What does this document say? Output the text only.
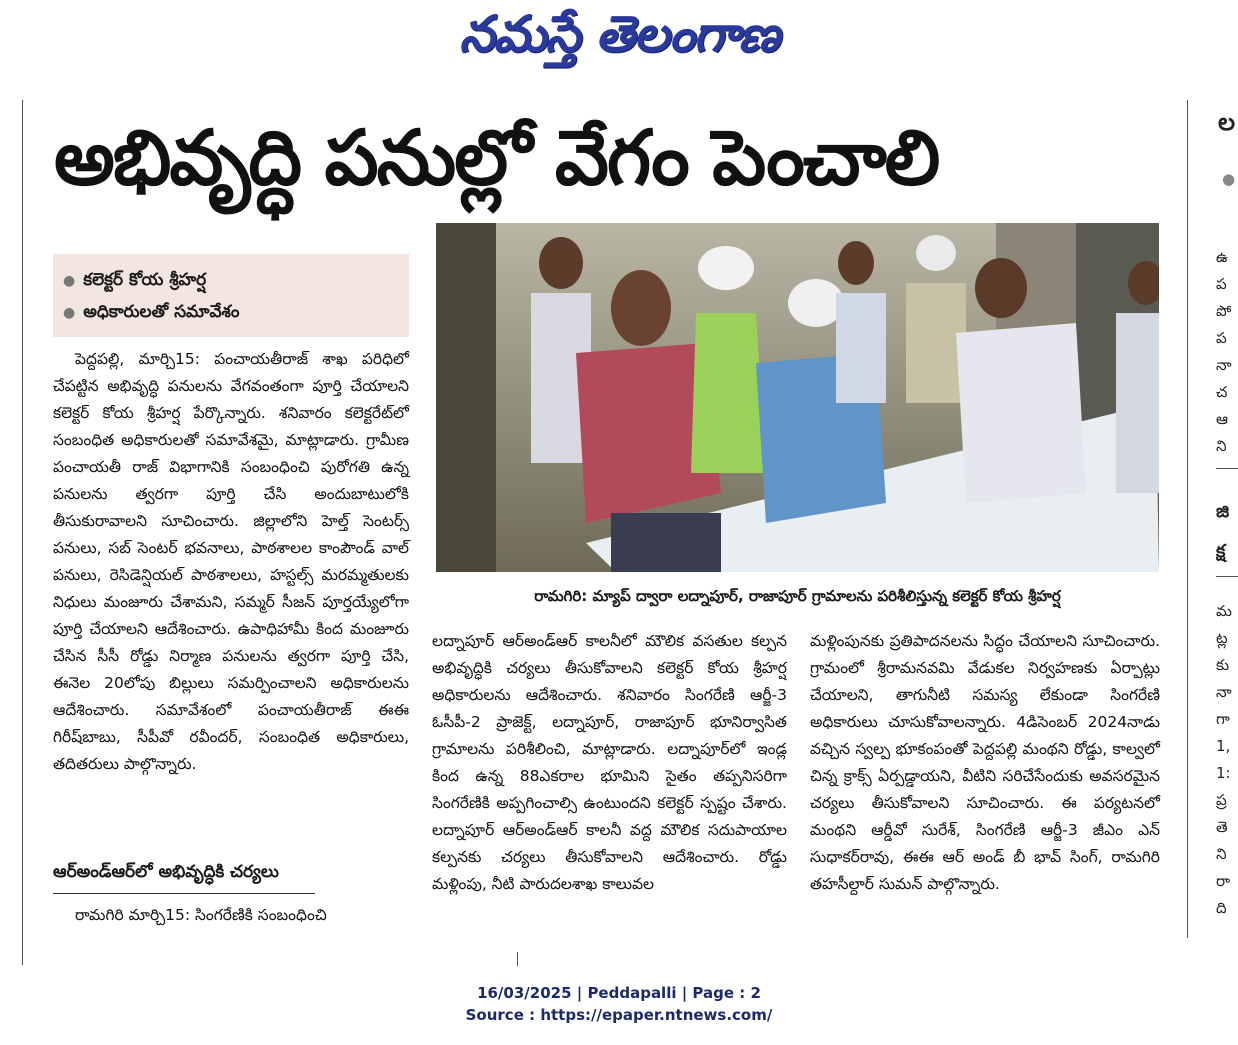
నమస్తే తెలంగాణ
అభివృద్ధి పనుల్లో వేగం పెంచాలి
● కలెక్టర్ కోయ శ్రీహర్ష
● అధికారులతో సమావేశం

పెద్దపల్లి, మార్చి15: పంచాయతీరాజ్ శాఖ పరిధిలో చేపట్టిన అభివృద్ధి పనులను వేగవంతంగా పూర్తి చేయాలని కలెక్టర్ కోయ శ్రీహర్ష పేర్కొన్నారు. శనివారం కలెక్టరేట్‌లో సంబంధిత అధికారులతో సమావేశమై, మాట్లాడారు. గ్రామీణ పంచాయతీ రాజ్ విభాగానికి సంబంధించి పురోగతి ఉన్న పనులను త్వరగా పూర్తి చేసి అందుబాటులోకి తీసుకురావాలని సూచించారు. జిల్లాలోని హెల్త్ సెంటర్స్ పనులు, సబ్ సెంటర్ భవనాలు, పాఠశాలల కాంపౌండ్ వాల్ పనులు, రెసిడెన్షియల్ పాఠశాలలు, హస్టల్స్ మరమ్మతులకు నిధులు మంజూరు చేశామని, సమ్మర్ సీజన్ పూర్తయ్యేలోగా పూర్తి చేయాలని ఆదేశించారు. ఉపాధిహామీ కింద మంజూరు చేసిన సీసీ రోడ్డు నిర్మాణ పనులను త్వరగా పూర్తి చేసి, ఈనెల 20లోపు బిల్లులు సమర్పించాలని అధికారులను ఆదేశించారు. సమావేశంలో పంచాయతీరాజ్ ఈఈ గిరీష్‌బాబు, సీపీవో రవీందర్, సంబంధిత అధికారులు, తదితరులు పాల్గొన్నారు.

ఆర్అండ్ఆర్‌లో అభివృద్ధికి చర్యలు

రామగిరి మార్చి15: సింగరేణికి సంబంధించి

రామగిరి: మ్యాప్ ద్వారా లద్నాపూర్, రాజాపూర్ గ్రామాలను పరిశీలిస్తున్న కలెక్టర్ కోయ శ్రీహర్ష

లద్నాపూర్ ఆర్అండ్ఆర్ కాలనీలో మౌలిక వసతుల కల్పన అభివృద్ధికి చర్యలు తీసుకోవాలని కలెక్టర్ కోయ శ్రీహర్ష అధికారులను ఆదేశించారు. శనివారం సింగరేణి ఆర్జీ-3 ఓసీపీ-2 ప్రాజెక్ట్, లద్నాపూర్, రాజాపూర్ భూనిర్వాసిత గ్రామాలను పరిశీలించి, మాట్లాడారు. లద్నాపూర్‌లో ఇండ్ల కింద ఉన్న 88ఎకరాల భూమిని సైతం తప్పనిసరిగా సింగరేణికి అప్పగించాల్సి ఉంటుందని కలెక్టర్ స్పష్టం చేశారు. లద్నాపూర్ ఆర్అండ్ఆర్ కాలనీ వద్ద మౌలిక సదుపాయాల కల్పనకు చర్యలు తీసుకోవాలని ఆదేశించారు. రోడ్డు మళ్లింపు, నీటి పారుదలశాఖ కాలువల

మళ్లింపునకు ప్రతిపాదనలను సిద్ధం చేయాలని సూచించారు. గ్రామంలో శ్రీరామనవమి వేడుకల నిర్వహణకు ఏర్పాట్లు చేయాలని, తాగునీటి సమస్య లేకుండా సింగరేణి అధికారులు చూసుకోవాలన్నారు. 4డిసెంబర్ 2024నాడు వచ్చిన స్వల్ప భూకంపంతో పెద్దపల్లి మంథని రోడ్డు, కాల్వలో చిన్న క్రాక్స్ ఏర్పడ్డాయని, వీటిని సరిచేసేందుకు అవసరమైన చర్యలు తీసుకోవాలని సూచించారు. ఈ పర్యటనలో మంథని ఆర్డీవో సురేశ్, సింగరేణి ఆర్జీ-3 జీఎం ఎన్ సుధాకర్‌రావు, ఈఈ ఆర్ అండ్ బీ భావ్ సింగ్, రామగిరి తహసీల్దార్ సుమన్ పాల్గొన్నారు.

ల
●
ఉ
ప
పో
ప
నా
చ
ఆ
ని
జి
క్ష
మ
ట్ల
కు
నా
గా
1,
1:
ప్ర
తె
ని
రా
ది
16/03/2025 | Peddapalli | Page : 2
Source : https://epaper.ntnews.com/
